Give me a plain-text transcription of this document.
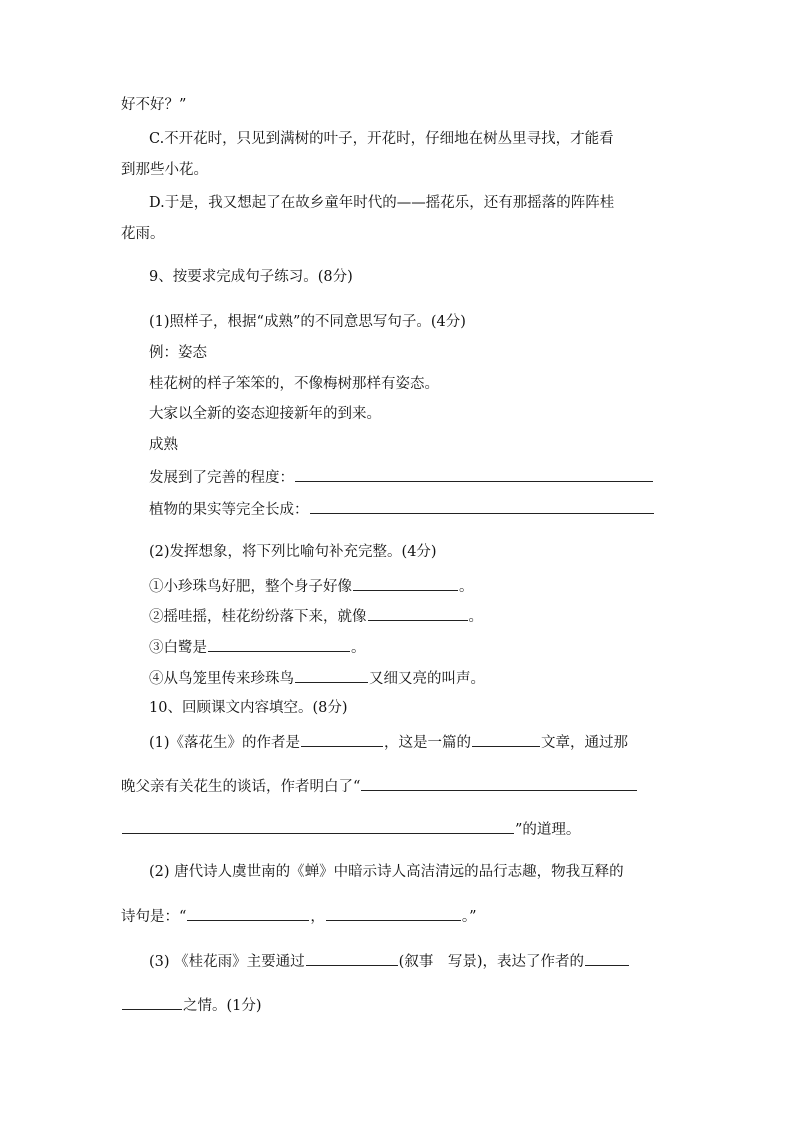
好不好？”
C.不开花时，只见到满树的叶子，开花时，仔细地在树丛里寻找，才能看
到那些小花。
D.于是，我又想起了在故乡童年时代的——摇花乐，还有那摇落的阵阵桂
花雨。
9、按要求完成句子练习。(8分)
(1)照样子，根据“成熟”的不同意思写句子。(4分)
例：姿态
桂花树的样子笨笨的，不像梅树那样有姿态。
大家以全新的姿态迎接新年的到来。
成熟
发展到了完善的程度：
植物的果实等完全长成：
(2)发挥想象，将下列比喻句补充完整。(4分)
①小珍珠鸟好肥，整个身子好像	。
②摇哇摇，桂花纷纷落下来，就像	。
③白鹭是	。
④从鸟笼里传来珍珠鸟	又细又亮的叫声。
10、回顾课文内容填空。(8分)
(1)《落花生》的作者是	，这是一篇的	文章，通过那
晚父亲有关花生的谈话，作者明白了“
”的道理。
(2) 唐代诗人虞世南的《蝉》中暗示诗人高洁清远的品行志趣，物我互释的
诗句是：“	，	。”
(3) 《桂花雨》主要通过	(叙事　写景)，表达了作者的
之情。(1分)
